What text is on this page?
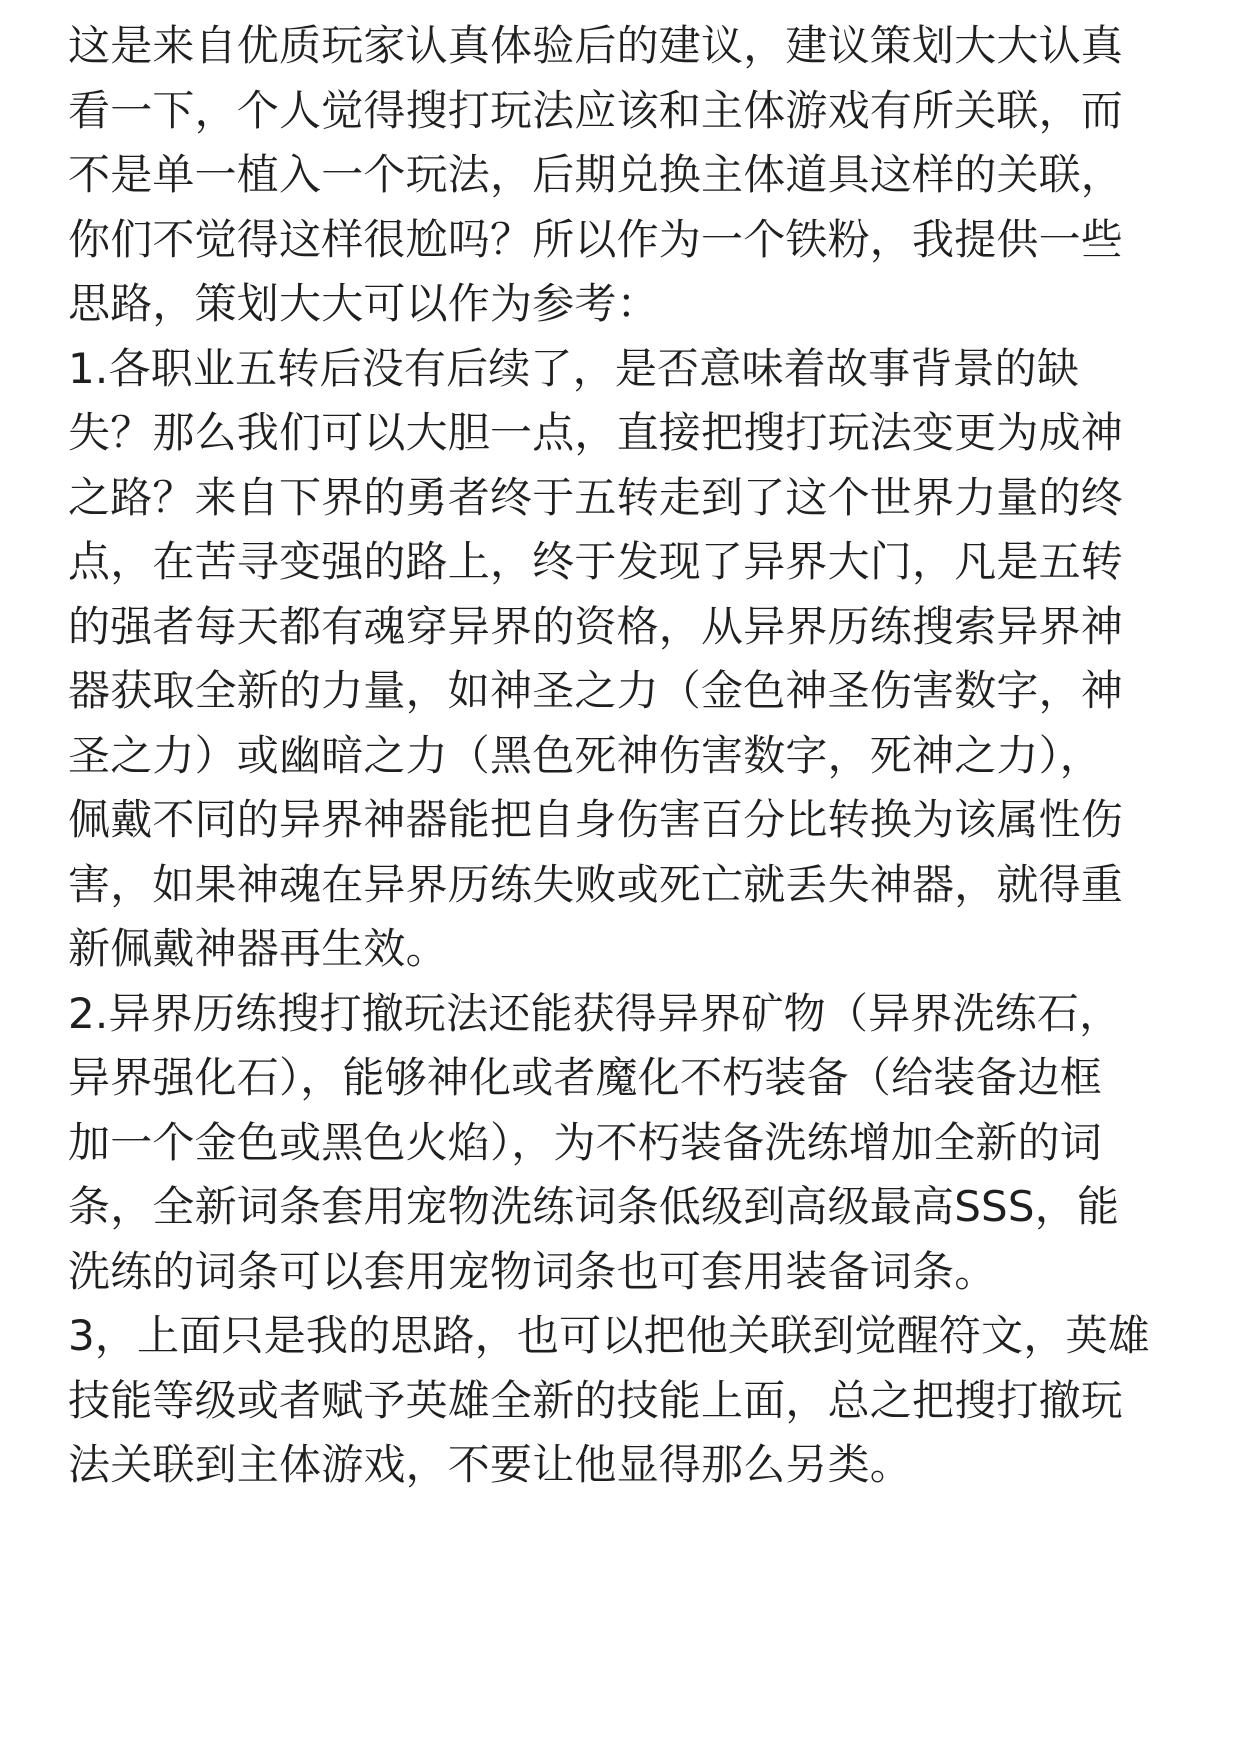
这是来自优质玩家认真体验后的建议，建议策划大大认真
看一下，个人觉得搜打玩法应该和主体游戏有所关联，而
不是单一植入一个玩法，后期兑换主体道具这样的关联，
你们不觉得这样很尬吗？所以作为一个铁粉，我提供一些
思路，策划大大可以作为参考：

1.各职业五转后没有后续了，是否意味着故事背景的缺
失？那么我们可以大胆一点，直接把搜打玩法变更为成神
之路？来自下界的勇者终于五转走到了这个世界力量的终
点，在苦寻变强的路上，终于发现了异界大门，凡是五转
的强者每天都有魂穿异界的资格，从异界历练搜索异界神
器获取全新的力量，如神圣之力（金色神圣伤害数字，神
圣之力）或幽暗之力（黑色死神伤害数字，死神之力），
佩戴不同的异界神器能把自身伤害百分比转换为该属性伤
害，如果神魂在异界历练失败或死亡就丢失神器，就得重
新佩戴神器再生效。

2.异界历练搜打撤玩法还能获得异界矿物（异界洗练石，
异界强化石），能够神化或者魔化不朽装备（给装备边框
加一个金色或黑色火焰），为不朽装备洗练增加全新的词
条，全新词条套用宠物洗练词条低级到高级最高SSS，能
洗练的词条可以套用宠物词条也可套用装备词条。

3，上面只是我的思路，也可以把他关联到觉醒符文，英雄
技能等级或者赋予英雄全新的技能上面，总之把搜打撤玩
法关联到主体游戏，不要让他显得那么另类。
